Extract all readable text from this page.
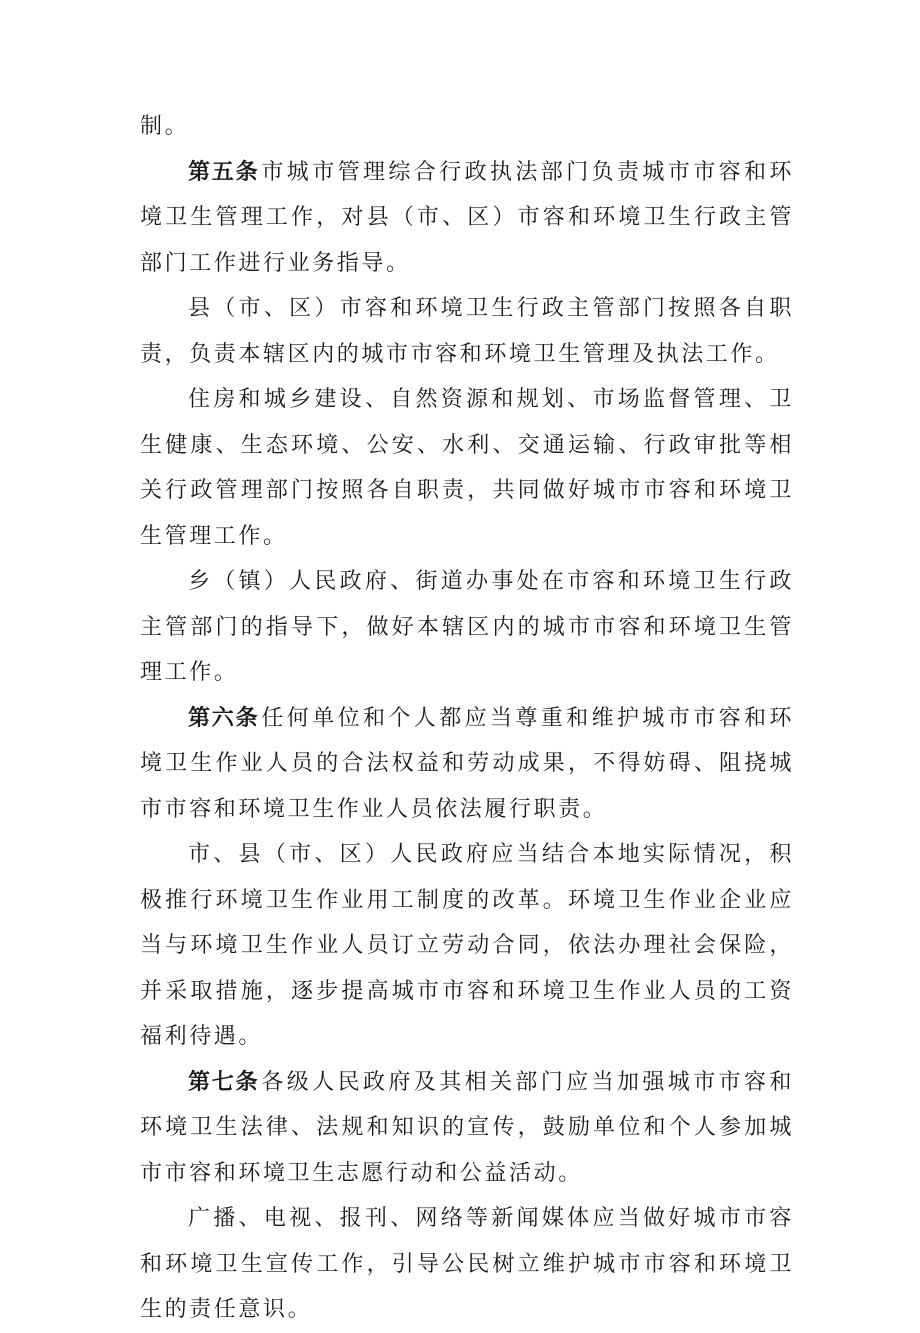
制。

第五条市城市管理综合行政执法部门负责城市市容和环境卫生管理工作，对县（市、区）市容和环境卫生行政主管部门工作进行业务指导。

县（市、区）市容和环境卫生行政主管部门按照各自职责，负责本辖区内的城市市容和环境卫生管理及执法工作。

住房和城乡建设、自然资源和规划、市场监督管理、卫生健康、生态环境、公安、水利、交通运输、行政审批等相关行政管理部门按照各自职责，共同做好城市市容和环境卫生管理工作。

乡（镇）人民政府、街道办事处在市容和环境卫生行政主管部门的指导下，做好本辖区内的城市市容和环境卫生管理工作。

第六条任何单位和个人都应当尊重和维护城市市容和环境卫生作业人员的合法权益和劳动成果，不得妨碍、阻挠城市市容和环境卫生作业人员依法履行职责。

市、县（市、区）人民政府应当结合本地实际情况，积极推行环境卫生作业用工制度的改革。环境卫生作业企业应当与环境卫生作业人员订立劳动合同，依法办理社会保险，并采取措施，逐步提高城市市容和环境卫生作业人员的工资福利待遇。

第七条各级人民政府及其相关部门应当加强城市市容和环境卫生法律、法规和知识的宣传，鼓励单位和个人参加城市市容和环境卫生志愿行动和公益活动。

广播、电视、报刊、网络等新闻媒体应当做好城市市容和环境卫生宣传工作，引导公民树立维护城市市容和环境卫生的责任意识。
